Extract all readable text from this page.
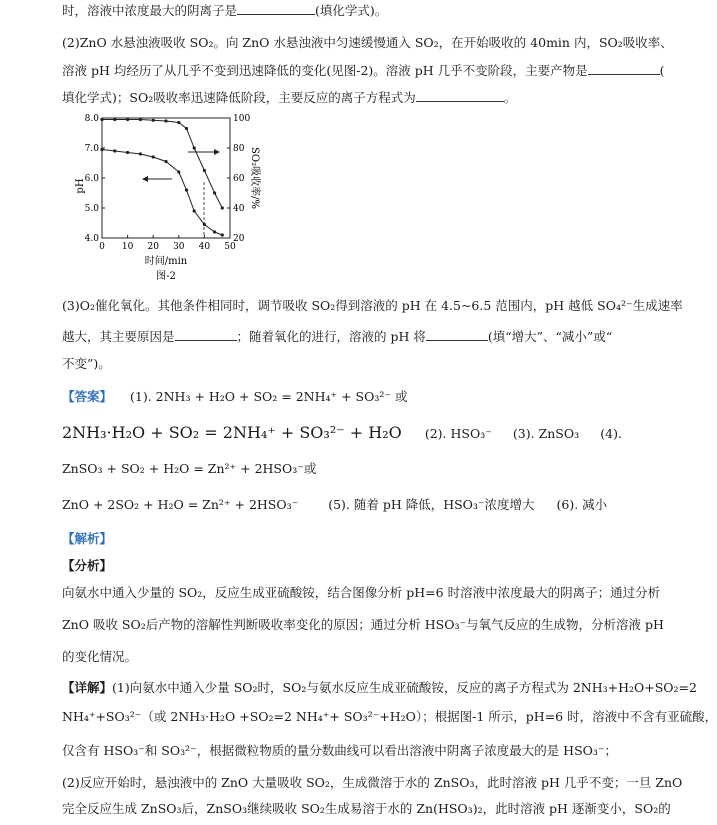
时，溶液中浓度最大的阴离子是	(填化学式)。
(2)ZnO 水悬浊液吸收 SO₂。向 ZnO 水悬浊液中匀速缓慢通入 SO₂，在开始吸收的 40min 内，SO₂吸收率、
溶液 pH 均经历了从几乎不变到迅速降低的变化(见图-2)。溶液 pH 几乎不变阶段，主要产物是	(
填化学式)；SO₂吸收率迅速降低阶段，主要反应的离子方程式为	。
0 10 20 30 40 50
8.0
7.0
6.0
5.0
4.0
100
80
60
40
20
pH	SO₂吸收率/%
时间/min
图-2
(3)O₂催化氧化。其他条件相同时，调节吸收 SO₂得到溶液的 pH 在 4.5~6.5 范围内，pH 越低 SO₄²⁻生成速率
越大，其主要原因是	；随着氧化的进行，溶液的 pH 将	(填“增大”、“减小”或“
不变”)。
【答案】 (1). 2NH₃ + H₂O + SO₂ = 2NH₄⁺ + SO₃²⁻ 或
2NH₃·H₂O + SO₂ = 2NH₄⁺ + SO₃²⁻ + H₂O (2). HSO₃⁻ (3). ZnSO₃ (4).
ZnSO₃ + SO₂ + H₂O = Zn²⁺ + 2HSO₃⁻或
ZnO + 2SO₂ + H₂O = Zn²⁺ + 2HSO₃⁻ (5). 随着 pH 降低，HSO₃⁻浓度增大 (6). 减小
【解析】
【分析】
向氨水中通入少量的 SO₂，反应生成亚硫酸铵，结合图像分析 pH=6 时溶液中浓度最大的阴离子；通过分析
ZnO 吸收 SO₂后产物的溶解性判断吸收率变化的原因；通过分析 HSO₃⁻与氧气反应的生成物，分析溶液 pH
的变化情况。
【详解】(1)向氨水中通入少量 SO₂时，SO₂与氨水反应生成亚硫酸铵，反应的离子方程式为 2NH₃+H₂O+SO₂=2
NH₄⁺+SO₃²⁻（或 2NH₃·H₂O +SO₂=2 NH₄⁺+ SO₃²⁻+H₂O）；根据图-1 所示，pH=6 时，溶液中不含有亚硫酸，
仅含有 HSO₃⁻和 SO₃²⁻，根据微粒物质的量分数曲线可以看出溶液中阴离子浓度最大的是 HSO₃⁻；
(2)反应开始时，悬浊液中的 ZnO 大量吸收 SO₂，生成微溶于水的 ZnSO₃，此时溶液 pH 几乎不变；一旦 ZnO
完全反应生成 ZnSO₃后，ZnSO₃继续吸收 SO₂生成易溶于水的 Zn(HSO₃)₂，此时溶液 pH 逐渐变小，SO₂的
